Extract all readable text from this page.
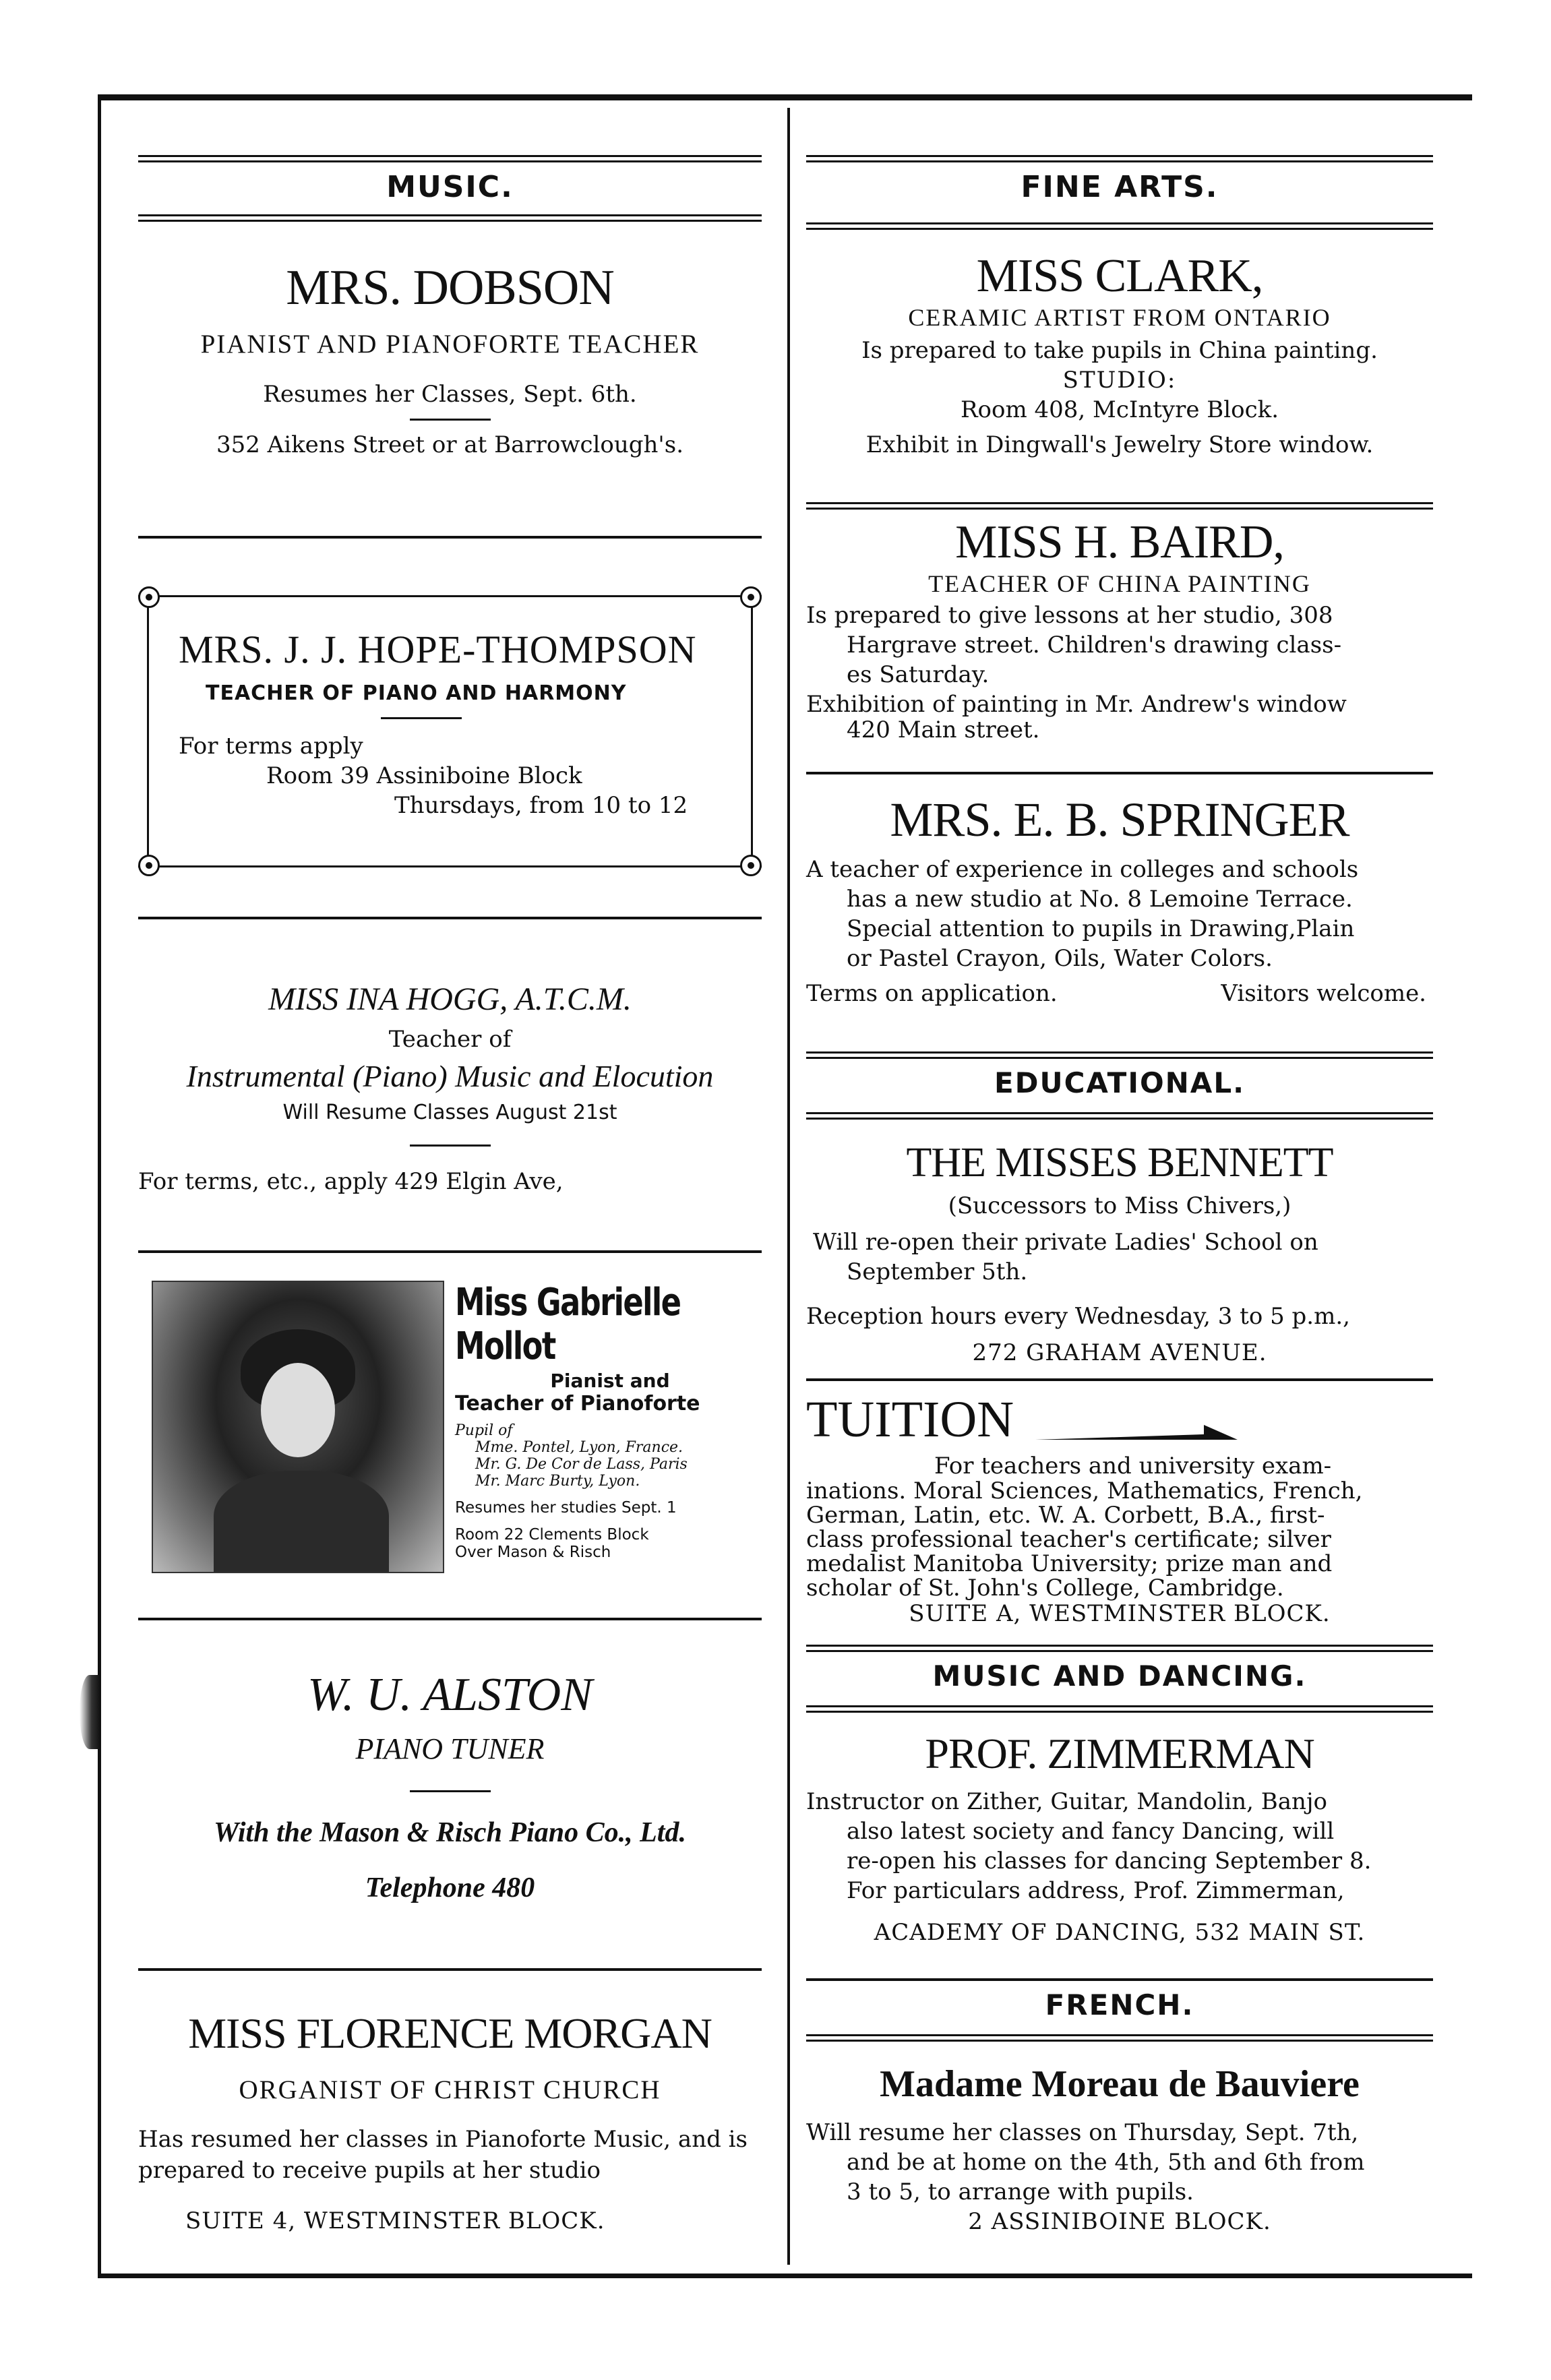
MUSIC.
MRS. DOBSON
PIANIST AND PIANOFORTE TEACHER
Resumes her Classes, Sept. 6th.
352 Aikens Street or at Barrowclough's.
MRS. J. J. HOPE-THOMPSON
TEACHER OF PIANO AND HARMONY
For terms apply
Room 39 Assiniboine Block
Thursdays, from 10 to 12
MISS INA HOGG, A.T.C.M.
Teacher of
Instrumental (Piano) Music and Elocution
Will Resume Classes August 21st
For terms, etc., apply 429 Elgin Ave,
Miss Gabrielle Mollot
Pianist and
Teacher of Pianoforte
Pupil of
Mme. Pontel, Lyon, France.
Mr. G. De Cor de Lass, Paris
Mr. Marc Burty, Lyon.
Resumes her studies Sept. 1
Room 22 Clements Block
Over Mason & Risch
W. U. ALSTON
PIANO TUNER
With the Mason & Risch Piano Co., Ltd.
Telephone 480
MISS FLORENCE MORGAN
ORGANIST OF CHRIST CHURCH
Has resumed her classes in Pianoforte Music, and is prepared to receive pupils at her studio
SUITE 4, WESTMINSTER BLOCK.
FINE ARTS.
MISS CLARK,
CERAMIC ARTIST FROM ONTARIO
Is prepared to take pupils in China painting.
STUDIO:
Room 408, McIntyre Block.
Exhibit in Dingwall's Jewelry Store window.
MISS H. BAIRD,
TEACHER OF CHINA PAINTING
Is prepared to give lessons at her studio, 308
Hargrave street. Children's drawing class-
es Saturday.
Exhibition of painting in Mr. Andrew's window
420 Main street.
MRS. E. B. SPRINGER
A teacher of experience in colleges and schools
has a new studio at No. 8 Lemoine Terrace.
Special attention to pupils in Drawing,Plain
or Pastel Crayon, Oils, Water Colors.
Terms on application.	Visitors welcome.
EDUCATIONAL.
THE MISSES BENNETT
(Successors to Miss Chivers,)
Will re-open their private Ladies' School on
September 5th.
Reception hours every Wednesday, 3 to 5 p.m.,
272 GRAHAM AVENUE.
TUITION
For teachers and university exam-
inations. Moral Sciences, Mathematics, French,
German, Latin, etc. W. A. Corbett, B.A., first-
class professional teacher's certificate; silver
medalist Manitoba University; prize man and
scholar of St. John's College, Cambridge.
SUITE A, WESTMINSTER BLOCK.
MUSIC AND DANCING.
PROF. ZIMMERMAN
Instructor on Zither, Guitar, Mandolin, Banjo
also latest society and fancy Dancing, will
re-open his classes for dancing September 8.
For particulars address, Prof. Zimmerman,
ACADEMY OF DANCING, 532 MAIN ST.
FRENCH.
Madame Moreau de Bauviere
Will resume her classes on Thursday, Sept. 7th,
and be at home on the 4th, 5th and 6th from
3 to 5, to arrange with pupils.
2 ASSINIBOINE BLOCK.
